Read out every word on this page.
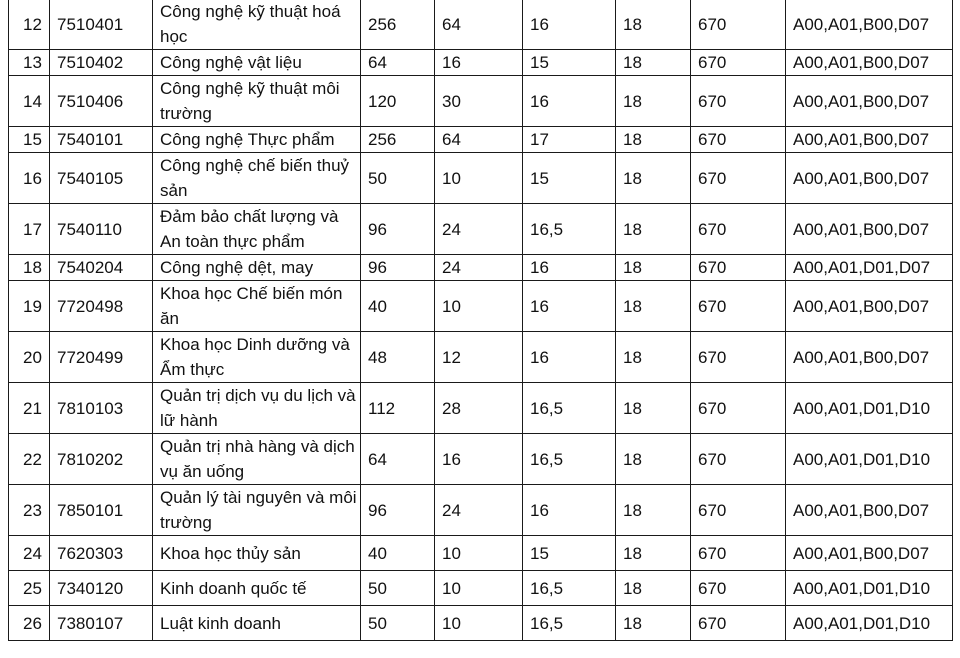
12	7510401	Công nghệ kỹ thuật hoá học	256	64	16	18	670	A00,A01,B00,D07
13	7510402	Công nghệ vật liệu	64	16	15	18	670	A00,A01,B00,D07
14	7510406	Công nghệ kỹ thuật môi trường	120	30	16	18	670	A00,A01,B00,D07
15	7540101	Công nghệ Thực phẩm	256	64	17	18	670	A00,A01,B00,D07
16	7540105	Công nghệ chế biến thuỷ sản	50	10	15	18	670	A00,A01,B00,D07
17	7540110	Đảm bảo chất lượng và An toàn thực phẩm	96	24	16,5	18	670	A00,A01,B00,D07
18	7540204	Công nghệ dệt, may	96	24	16	18	670	A00,A01,D01,D07
19	7720498	Khoa học Chế biến món ăn	40	10	16	18	670	A00,A01,B00,D07
20	7720499	Khoa học Dinh dưỡng và Ẩm thực	48	12	16	18	670	A00,A01,B00,D07
21	7810103	Quản trị dịch vụ du lịch và lữ hành	112	28	16,5	18	670	A00,A01,D01,D10
22	7810202	Quản trị nhà hàng và dịch vụ ăn uống	64	16	16,5	18	670	A00,A01,D01,D10
23	7850101	Quản lý tài nguyên và môi trường	96	24	16	18	670	A00,A01,B00,D07
24	7620303	Khoa học thủy sản	40	10	15	18	670	A00,A01,B00,D07
25	7340120	Kinh doanh quốc tế	50	10	16,5	18	670	A00,A01,D01,D10
26	7380107	Luật kinh doanh	50	10	16,5	18	670	A00,A01,D01,D10
